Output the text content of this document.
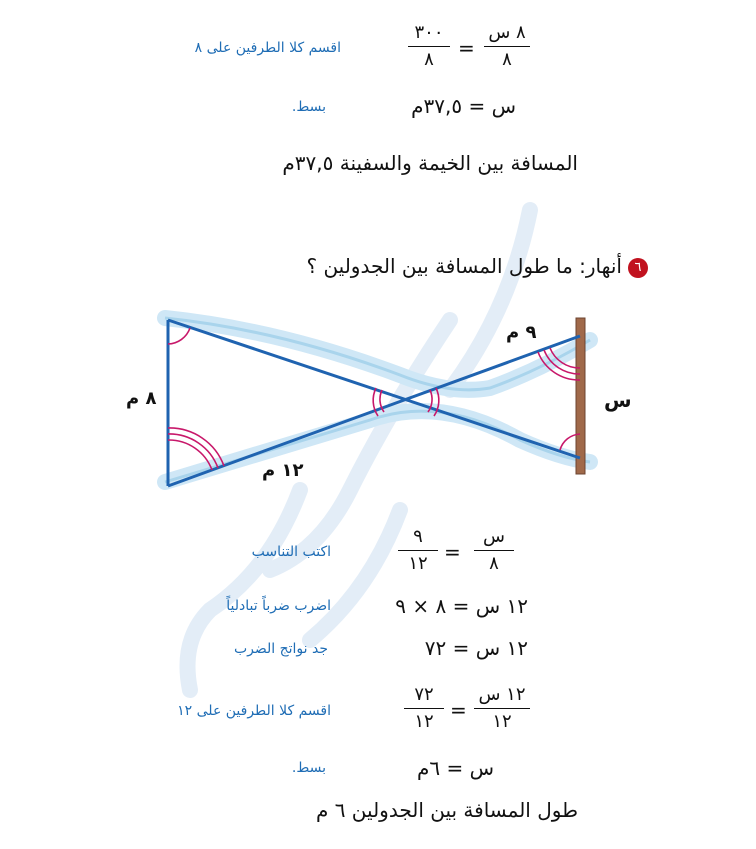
٣٠٠
٨ =
٨ س
٨
اقسم كلا الطرفين على ٨
س = ٣٧,٥م
بسط.
المسافة بين الخيمة والسفينة ٣٧,٥م
٦أنهار: ما طول المسافة بين الجدولين ؟
٨ م
٩ م
١٢ م
س
٩
١٢ =
س
٨
اكتب التناسب
١٢ س = ٨ × ٩
اضرب ضرباً تبادلياً
١٢ س = ٧٢
جد نواتج الضرب
٧٢
١٢ =
١٢ س
١٢
اقسم كلا الطرفين على ١٢
س = ٦م
بسط.
طول المسافة بين الجدولين ٦ م
